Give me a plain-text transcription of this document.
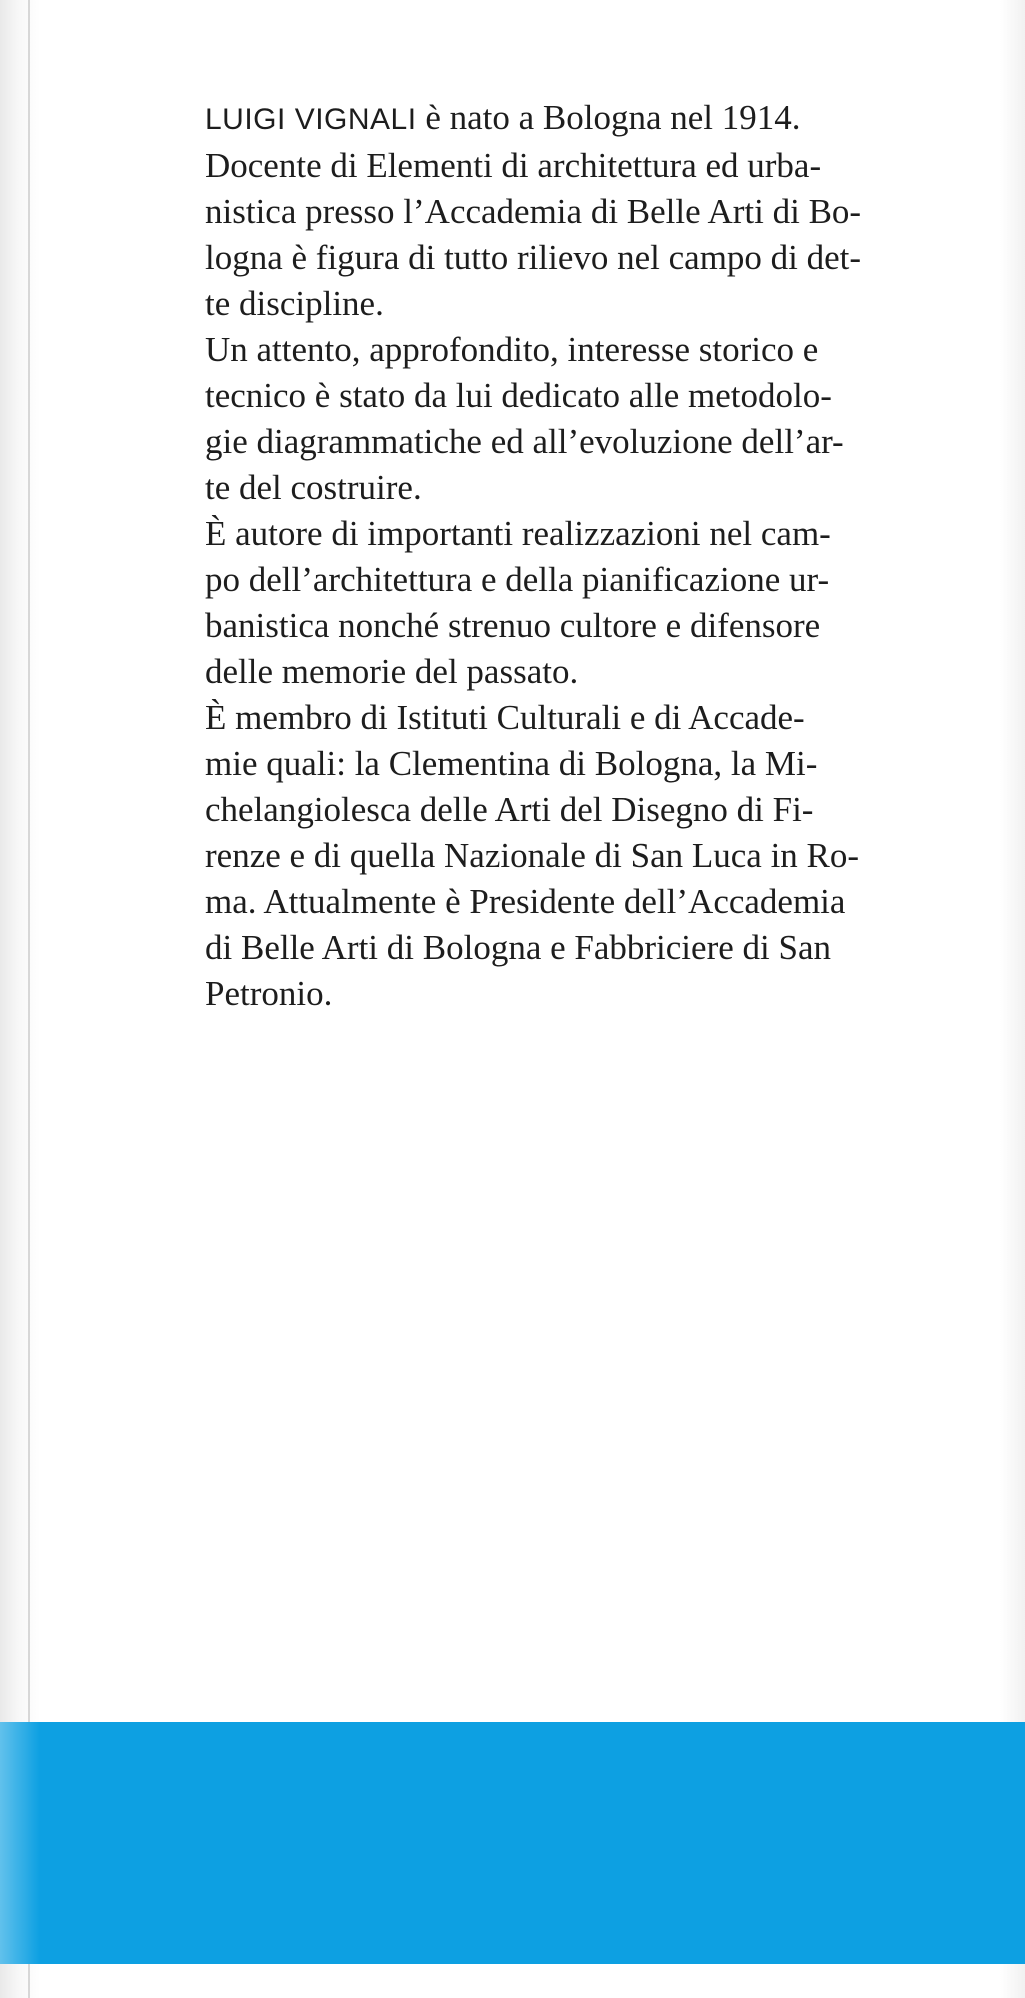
LUIGI VIGNALI è nato a Bologna nel 1914.
Docente di Elementi di architettura ed urba-
nistica presso l’Accademia di Belle Arti di Bo-
logna è figura di tutto rilievo nel campo di det-
te discipline.
Un attento, approfondito, interesse storico e
tecnico è stato da lui dedicato alle metodolo-
gie diagrammatiche ed all’evoluzione dell’ar-
te del costruire.
È autore di importanti realizzazioni nel cam-
po dell’architettura e della pianificazione ur-
banistica nonché strenuo cultore e difensore
delle memorie del passato.
È membro di Istituti Culturali e di Accade-
mie quali: la Clementina di Bologna, la Mi-
chelangiolesca delle Arti del Disegno di Fi-
renze e di quella Nazionale di San Luca in Ro-
ma. Attualmente è Presidente dell’Accademia
di Belle Arti di Bologna e Fabbriciere di San
Petronio.
